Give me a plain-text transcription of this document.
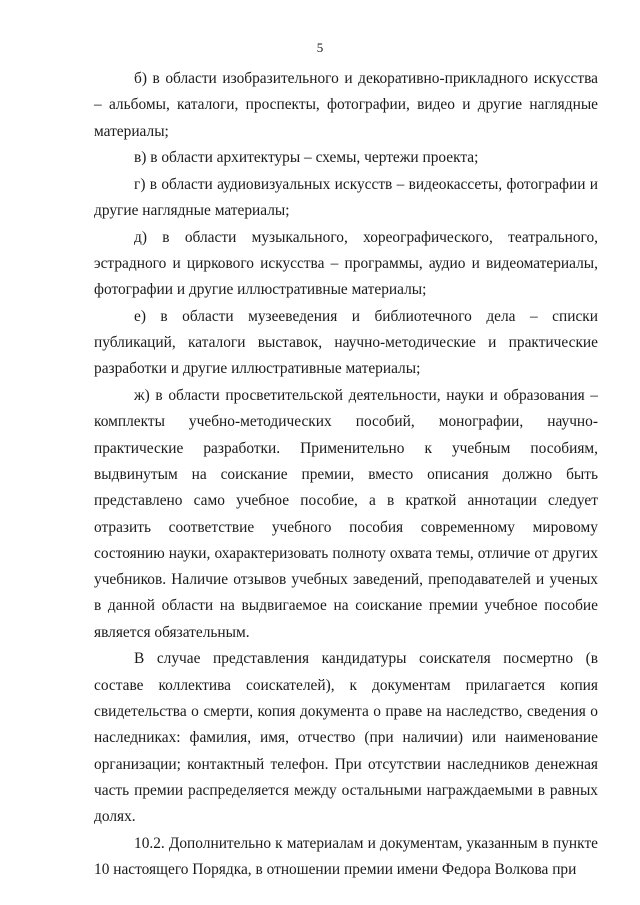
5

б) в области изобразительного и декоративно-прикладного искусства – альбомы, каталоги, проспекты, фотографии, видео и другие наглядные материалы;

в) в области архитектуры – схемы, чертежи проекта;

г) в области аудиовизуальных искусств – видеокассеты, фотографии и другие наглядные материалы;

д) в области музыкального, хореографического, театрального, эстрадного и циркового искусства – программы, аудио и видеоматериалы, фотографии и другие иллюстративные материалы;

е) в области музееведения и библиотечного дела – списки публикаций, каталоги выставок, научно-методические и практические разработки и другие иллюстративные материалы;

ж) в области просветительской деятельности, науки и образования – комплекты учебно-методических пособий, монографии, научно-практические разработки. Применительно к учебным пособиям, выдвинутым на соискание премии, вместо описания должно быть представлено само учебное пособие, а в краткой аннотации следует отразить соответствие учебного пособия современному мировому состоянию науки, охарактеризовать полноту охвата темы, отличие от других учебников. Наличие отзывов учебных заведений, преподавателей и ученых в данной области на выдвигаемое на соискание премии учебное пособие является обязательным.

В случае представления кандидатуры соискателя посмертно (в составе коллектива соискателей), к документам прилагается копия свидетельства о смерти, копия документа о праве на наследство, сведения о наследниках: фамилия, имя, отчество (при наличии) или наименование организации; контактный телефон. При отсутствии наследников денежная часть премии распределяется между остальными награждаемыми в равных долях.

10.2. Дополнительно к материалам и документам, указанным в пункте 10 настоящего Порядка, в отношении премии имени Федора Волкова при
